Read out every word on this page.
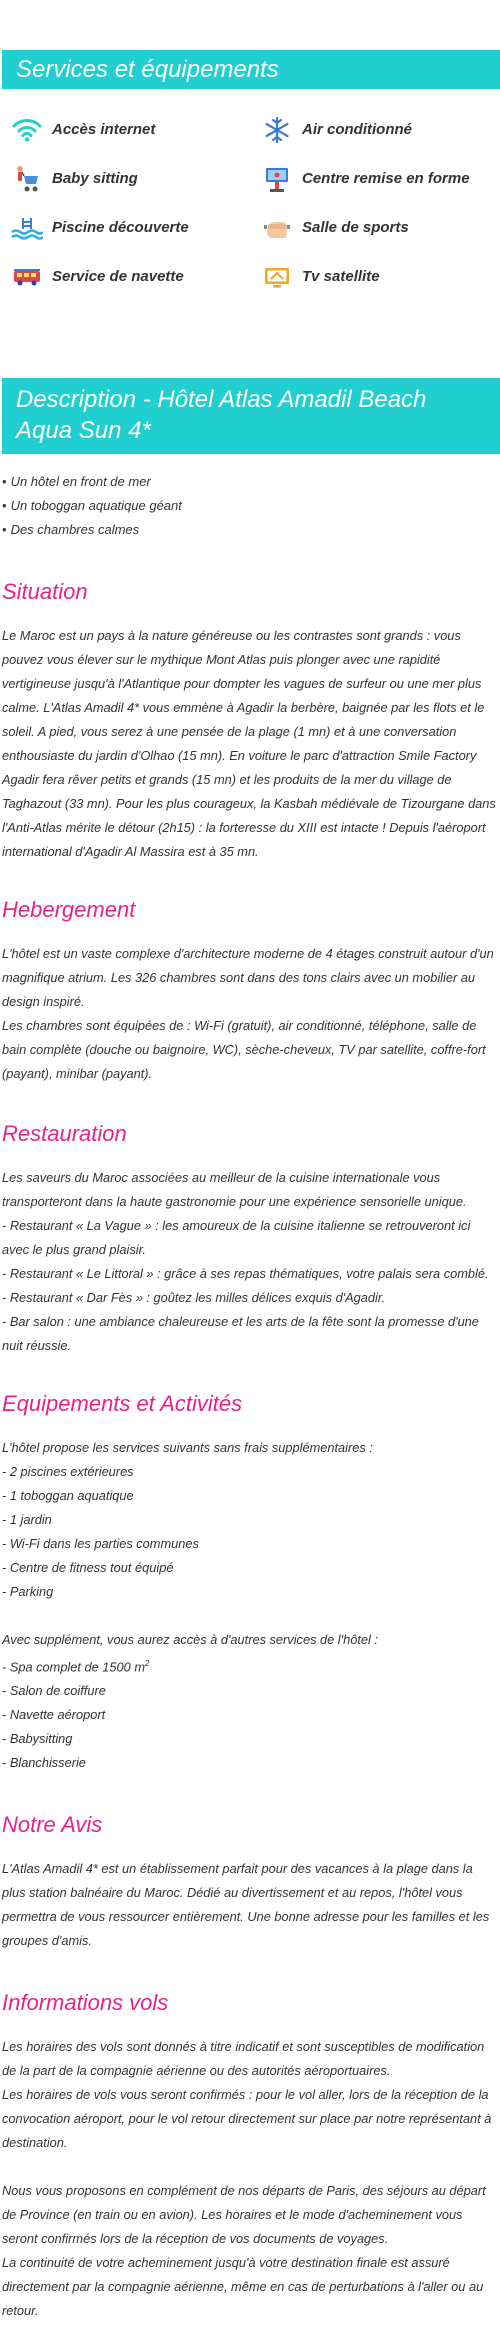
Services et équipements
Accès internet	Air conditionné
Baby sitting	Centre remise en forme
Piscine découverte	Salle de sports
Service de navette	Tv satellite
Description - Hôtel Atlas Amadil Beach Aqua Sun 4*
• Un hôtel en front de mer
• Un toboggan aquatique géant
• Des chambres calmes
Situation

Le Maroc est un pays à la nature généreuse ou les contrastes sont grands : vous pouvez vous élever sur le mythique Mont Atlas puis plonger avec une rapidité vertigineuse jusqu'à l'Atlantique pour dompter les vagues de surfeur ou une mer plus calme. L'Atlas Amadil 4* vous emmène à Agadir la berbère, baignée par les flots et le soleil. A pied, vous serez à une pensée de la plage (1 mn) et à une conversation enthousiaste du jardin d'Olhao (15 mn). En voiture le parc d'attraction Smile Factory Agadir fera rêver petits et grands (15 mn) et les produits de la mer du village de Taghazout (33 mn). Pour les plus courageux, la Kasbah médiévale de Tizourgane dans l'Anti-Atlas mérite le détour (2h15) : la forteresse du XIII est intacte ! Depuis l'aéroport international d'Agadir Al Massira est à 35 mn.

Hebergement

L'hôtel est un vaste complexe d'architecture moderne de 4 étages construit autour d'un magnifique atrium. Les 326 chambres sont dans des tons clairs avec un mobilier au design inspiré.

Les chambres sont équipées de : Wi-Fi (gratuit), air conditionné, téléphone, salle de bain complète (douche ou baignoire, WC), sèche-cheveux, TV par satellite, coffre-fort (payant), minibar (payant).

Restauration

Les saveurs du Maroc associées au meilleur de la cuisine internationale vous transporteront dans la haute gastronomie pour une expérience sensorielle unique.

- Restaurant « La Vague » : les amoureux de la cuisine italienne se retrouveront ici avec le plus grand plaisir.

- Restaurant « Le Littoral » : grâce à ses repas thématiques, votre palais sera comblé.

- Restaurant « Dar Fès » : goûtez les milles délices exquis d'Agadir.

- Bar salon : une ambiance chaleureuse et les arts de la fête sont la promesse d'une nuit réussie.

Equipements et Activités

L'hôtel propose les services suivants sans frais supplémentaires :

- 2 piscines extérieures

- 1 toboggan aquatique

- 1 jardin

- Wi-Fi dans les parties communes

- Centre de fitness tout équipé

- Parking

Avec supplément, vous aurez accès à d'autres services de l'hôtel :

- Spa complet de 1500 $m^2$

- Salon de coiffure

- Navette aéroport

- Babysitting

- Blanchisserie

Notre Avis

L'Atlas Amadil 4* est un établissement parfait pour des vacances à la plage dans la plus station balnéaire du Maroc. Dédié au divertissement et au repos, l'hôtel vous permettra de vous ressourcer entièrement. Une bonne adresse pour les familles et les groupes d'amis.

Informations vols

Les horaires des vols sont donnés à titre indicatif et sont susceptibles de modification de la part de la compagnie aérienne ou des autorités aéroportuaires.

Les horaires de vols vous seront confirmés : pour le vol aller, lors de la réception de la convocation aéroport, pour le vol retour directement sur place par notre représentant à destination.

Nous vous proposons en complément de nos départs de Paris, des séjours au départ de Province (en train ou en avion). Les horaires et le mode d'acheminement vous seront confirmés lors de la réception de vos documents de voyages.

La continuité de votre acheminement jusqu'à votre destination finale est assuré directement par la compagnie aérienne, même en cas de perturbations à l'aller ou au retour.
